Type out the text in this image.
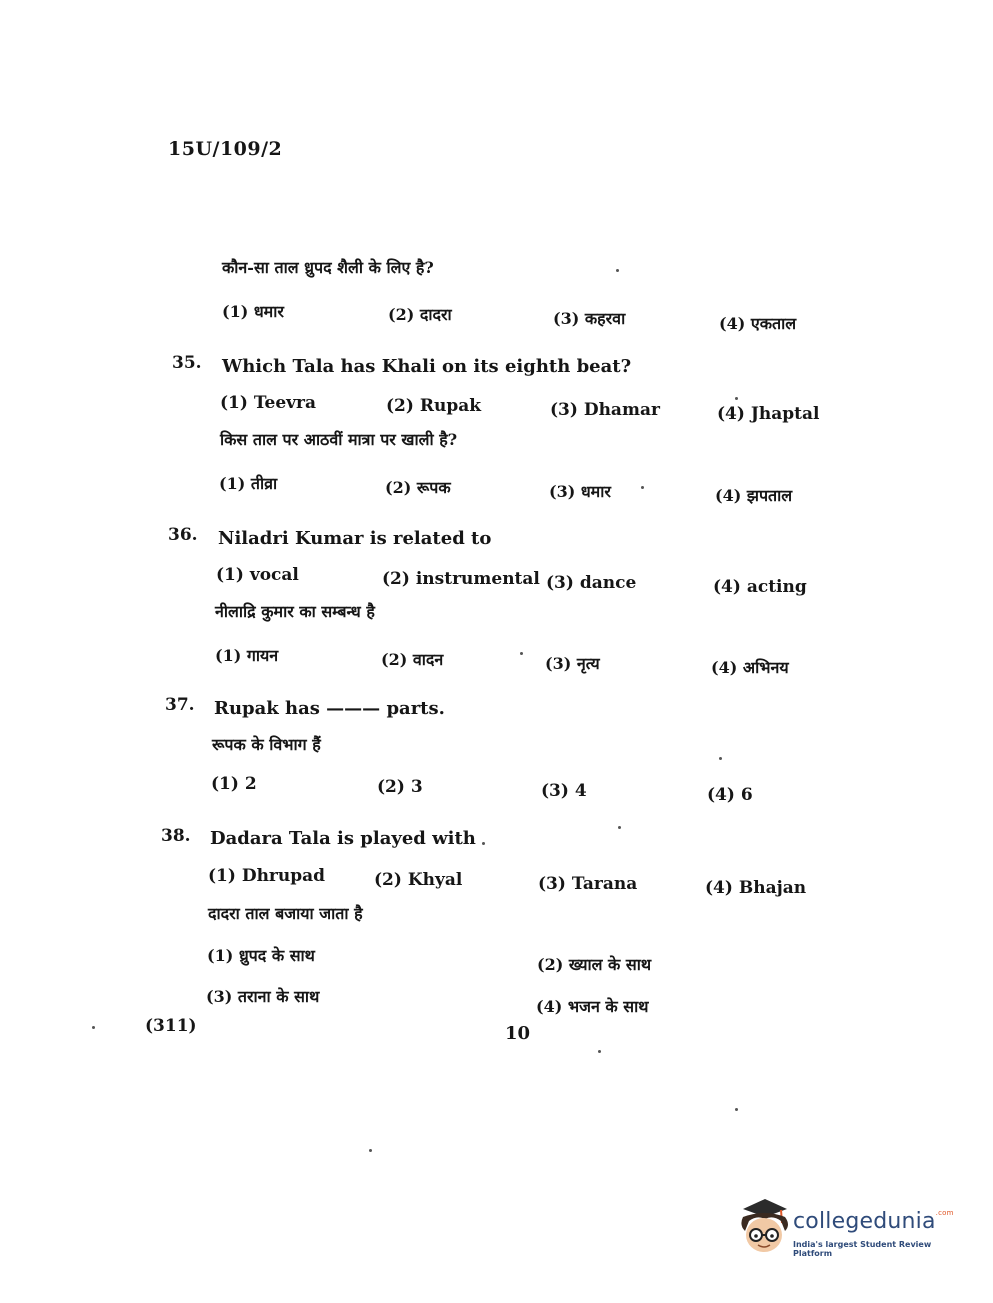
15U/109/2
कौन-सा ताल ध्रुपद शैली के लिए है?
(1) धमार	(2) दादरा	(3) कहरवा	(4) एकताल
35. Which Tala has Khali on its eighth beat?
(1) Teevra	(2) Rupak	(3) Dhamar	(4) Jhaptal
किस ताल पर आठवीं मात्रा पर खाली है?
(1) तीव्रा	(2) रूपक	(3) धमार	(4) झपताल
36. Niladri Kumar is related to
(1) vocal	(2) instrumental (3) dance	(4) acting
नीलाद्रि कुमार का सम्बन्ध है
(1) गायन	(2) वादन	(3) नृत्य	(4) अभिनय
37. Rupak has ——— parts.
रूपक के विभाग हैं
(1) 2	(2) 3	(3) 4	(4) 6
38. Dadara Tala is played with
(1) Dhrupad	(2) Khyal	(3) Tarana	(4) Bhajan
दादरा ताल बजाया जाता है
(1) ध्रुपद के साथ	(2) ख्याल के साथ
(3) तराना के साथ
(4) भजन के साथ
(311)	10
collegedunia$^{.com}$
India's largest Student Review Platform
